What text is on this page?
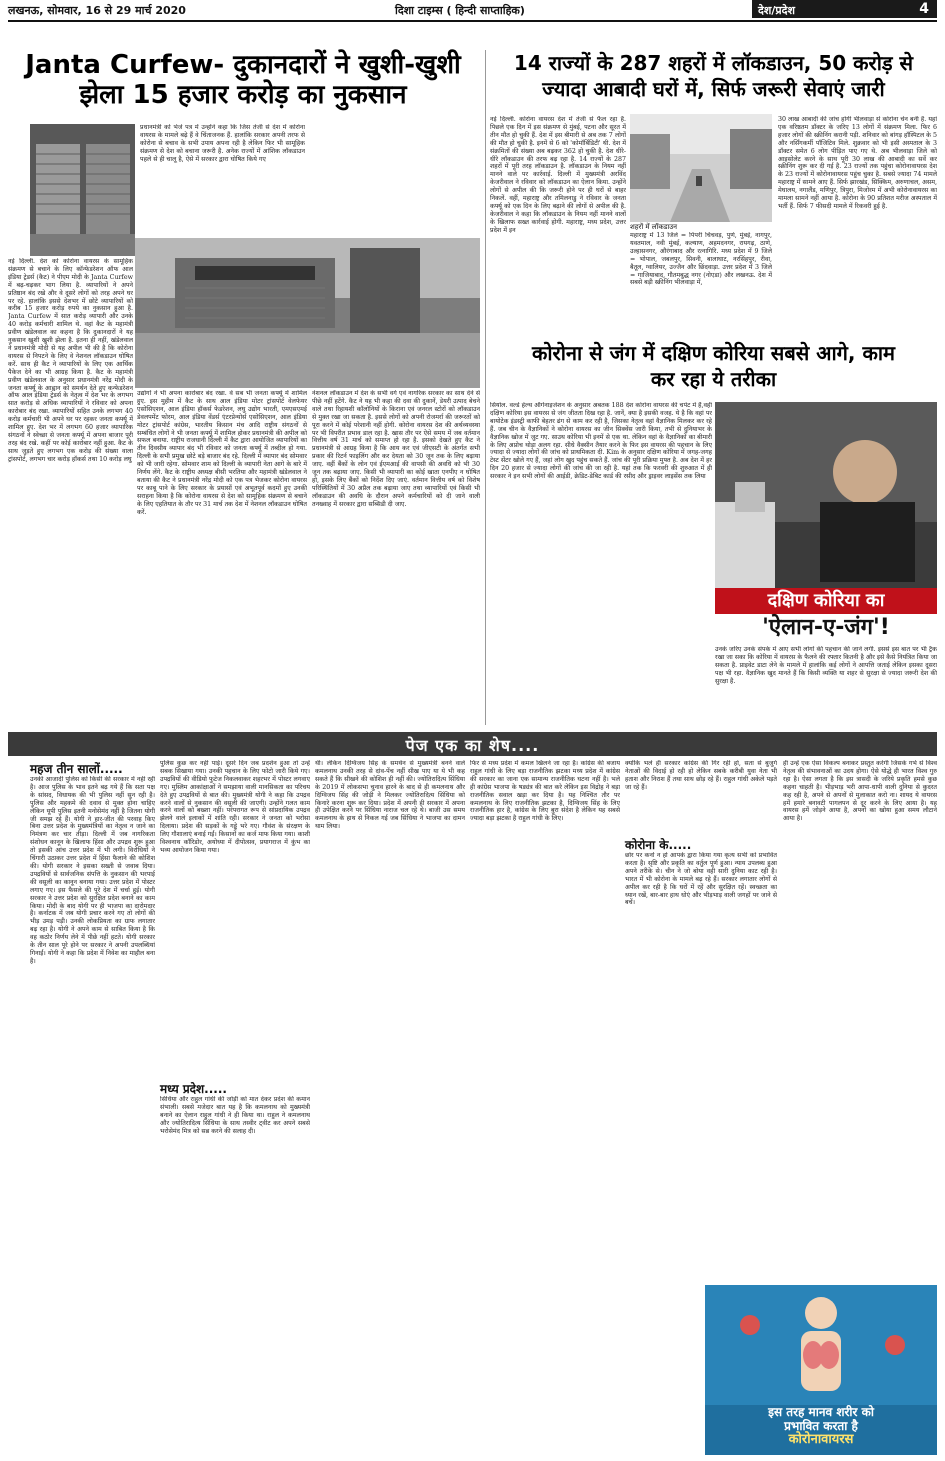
लखनऊ, सोमवार, 16 से 29 मार्च 2020	दिशा टाइम्स ( हिन्दी साप्ताहिक)	देश/प्रदेश	4
Janta Curfew- दुकानदारों ने खुशी-खुशी
झेला 15 हजार करोड़ का नुकसान
नई दिल्ली. देश को कोरोना वायरस के सामूहिक संक्रमण से बचाने के लिए कॉन्फेडरेशन ऑफ आल इंडिया ट्रेडर्स (कैट) ने पीएम मोदी के Janta Curfew में बढ़-चढ़कर भाग लिया है. व्यापारियों ने अपने प्रतिष्ठान बंद रखे और वे दूसरे लोगों को तरह अपने घर पर रहे. हालांकि इससे देशभर में छोटे व्यापारियों को करीब 15 हजार करोड़ रुपये का नुकसान हुआ है. Janta Curfew में सात करोड़ व्यापारी और उनके 40 करोड़ कर्मचारी शामिल थे. वहां कैट के महामंत्री प्रवीण खंडेलवाल का कहना है कि दुकानदारों ने यह नुकसान खुशी खुशी झेला है. इतना ही नहीं, खंडेलवाल ने प्रधानमंत्री मोदी से यह अपील भी की है कि कोरोना वायरस से निपटने के लिए वे नेशनल लॉकडाउन घोषित करें. साथ ही कैट ने व्यापारियों के लिए एक आर्थिक पैकेज देने का भी आग्रह किया है. कैट के महामंत्री प्रवीण खंडेलवाल के अनुसार प्रधानमंत्री नरेंद्र मोदी के जनता कर्फ्यू के आह्वान को समर्थन देते हुए कन्फेडरेशन ऑफ आल इंडिया ट्रेडर्स के नेतृत्व में देश भर के लगभग सात करोड़ से अधिक व्यापारियों ने रविवार को अपना कारोबार बंद रखा. व्यापारियों सहित उनके लगभग 40 करोड़ कर्मचारी भी अपने घर पर रहकर जनता कर्फ्यू में शामिल हुए. देश भर में लगभग 60 हजार व्यापारिक संगठनों ने स्वेच्छा से जनता कर्फ्यू में अपना बाजार पूरी तरह बंद रखे. कहीं पर कोई कारोबार नहीं हुआ. कैट के साथ जुड़ते हुए लगभग एक करोड़ की संख्या वाला ट्रांसपोर्ट, लगभग चार करोड़ हॉकर्स तथा 10 करोड़ लघु
प्रधानमंत्री को भेजे पत्र में उन्होंने कहा कि जिस तेजी से देश में कोरोना वायरस के मामले बढ़े हैं वे चिंताजनक हैं. हालांकि सरकार अपनी तरफ से कोरोना से बचाव के सभी उपाय अपना रही है लेकिन फिर भी सामूहिक संक्रमण से देश को बचाना जरूरी है. अनेक राज्यों में आंशिक लॉकडाउन पहले से ही चालू है, ऐसे में सरकार द्वारा घोषित किये गए
उद्योगों ने भी अपना कारोबार बंद रखा. वे सब भी जनता कर्फ्यू में शामिल हुए. इस मुहीम में कैट के साथ आल इंडिया मोटर ट्रांसपोर्ट वेलफेयर एसोसिएशन, आल इंडिया हॉकर्स फेडरेशन, लघु उद्योग भारती, एमएसएमई डेवलपमेंट फोरम, आल इंडिया वेंडर्स एंटरप्रेन्योर्स एसोसिएशन, आल इंडिया मोटर ट्रांसपोर्ट कांग्रेस, भारतीय किसान मंच आदि राष्ट्रीय संगठनों से सम्बंधित लोगों ने भी जनता कर्फ्यू में शामिल होकर प्रधानमंत्री की अपील को सफल बनाया. राष्ट्रीय राजधानी दिल्ली में कैट द्वारा आयोजित व्यापारियों का तीन दिवसीय व्यापार बंद भी रविवार को जनता कर्फ्यू में तब्दील हो गया. दिल्ली के सभी प्रमुख छोटे बड़े बाजार बंद रहे. दिल्ली में व्यापार बंद सोमवार को भी जारी रहेगा. सोमवार शाम को दिल्ली के व्यापारी नेता आगे के बारे में निर्णय लेंगे. कैट के राष्ट्रीय अध्यक्ष बीसी भरतिया और महामंत्री खंडेलवाल ने बताया की कैट ने प्रधानमंत्री नरेंद्र मोदी को एक पत्र भेजकर कोरोना वायरस पर काबू पाने के लिए सरकार के प्रयासों एवं अभूतपूर्व कदमों हुए उनकी सराहना किया है कि कोरोना वायरस से देश को सामूहिक संक्रमण से बचाने के लिए एहतियात के तौर पर 31 मार्च तक देश में नेशनल लॉकडाउन घोषित करें.
नेशनल लॉकडाउन में देश के सभी वर्ग एवं नागरिक सरकार का साथ देने से पीछे नहीं हटेंगे. कैट ने यह भी कहा की दवा की दुकानें, डेयरी उत्पाद बेचने वाले तथा रिहायशी कॉलोनियों के किराना एवं जनरल स्टोरों को लॉकडाउन से मुक्त रखा जा सकता है. इससे लोगों को अपनी रोजमर्रा की जरूरतों को पूरा करने में कोई परेशानी नहीं होगी. कोरोना वायरस देश की अर्थव्यवस्था पर भी विपरीत प्रभाव डाल रहा है. खास तौर पर ऐसे समय में जब वर्तमान वित्तीय वर्ष 31 मार्च को समाप्त हो रहा है. इसको देखते हुए कैट ने प्रधानमंत्री से आग्रह किया है कि आय कर एवं जीएसटी के अंतर्गत सभी प्रकार की रिटर्न फाइलिंग और कर देयता को 30 जून तक के लिए बढ़ाया जाए. वहीं बैंकों के लोन एवं ईएमआई की वापसी की अवधि को भी 30 जून तक बढ़ाया जाए. किसी भी व्यापारी का कोई खाता एनपीए न घोषित हो, इसके लिए बैंकों को निर्देश दिए जाएं. वर्तमान वित्तीय वर्ष को विशेष परिस्थितियों में 30 अप्रैल तक बढ़ाया जाए तथा व्यापारियों एवं किसी भी लॉकडाउन की अवधि के दौरान अपने कर्मचारियों को दी जाने वाली तनख्वाह में सरकार द्वारा सब्सिडी दी जाए.
14 राज्यों के 287 शहरों में लॉकडाउन, 50 करोड़ से
ज्यादा आबादी घरों में, सिर्फ जरूरी सेवाएं जारी
शहरों में लॉकडाउन
नई दिल्ली. कोरोना वायरस देश में तेजी से फैल रहा है. पिछले एक दिन में इस संक्रमण से मुंबई, पटना और सूरत में तीन मौत हो चुकी हैं. देश में इस बीमारी से अब तक 7 लोगों की मौत हो चुकी है. इनमें से 6 को 'कोमॉर्बिडिटी' थी. देश में संक्रमितों की संख्या अब बढ़कर 362 हो चुकी है. देश धीरे-धीरे लॉकडाउन की तरफ बढ़ रहा है. 14 राज्यों के 287 शहरों में पूरी तरह लॉकडाउन है. लॉकडाउन के नियम नहीं मानने वाले पर कार्रवाई. दिल्ली में मुख्यमंत्री अरविंद केजरीवाल ने रविवार को लॉकडाउन का ऐलान किया. उन्होंने लोगों से अपील की कि जरूरी होने पर ही घरों से बाहर निकलें. वहीं, महाराष्ट्र और तमिलनाडु ने रविवार के जनता कर्फ्यू को एक दिन के लिए बढ़ाने की लोगों से अपील की है. केजरीवाल ने कहा कि लॉकडाउन के नियम नहीं मानने वालों के खिलाफ सख्त कार्रवाई होगी. महाराष्ट्र, मध्य प्रदेश, उत्तर प्रदेश में इन
महाराष्ट्र में 13 जिले = पिंपरी चिंचवड़, पुणे, मुंबई, नागपुर, यवतमाल, नवी मुंबई, कल्याण, अहमदनगर, रायगढ़, ठाणे, उल्हासनगर, औरंगाबाद और रत्नागिरि. मध्य प्रदेश में 9 जिले = भोपाल, जबलपुर, सिवनी, बालाघाट, नरसिंहपुर, रीवा, बैतूल, ग्वालियर, उज्जैन और छिंदवाड़ा. उत्तर प्रदेश में 3 जिले = गाजियाबाद, गौतमबुद्ध नगर (नोएडा) और लखनऊ. देश में सबसे बड़ी स्क्रीनिंग भीलवाड़ा में,
30 लाख आबादी की जांच होगी भीलवाड़ा से कोरोना चेन बनी है. यहां एक वरिष्ठतम डॉक्टर के जरिए 13 लोगों में संक्रमण मिला. फिर 6 हजार लोगों की स्क्रीनिंग करानी पड़ी. शनिवार को बांगड़ हॉस्पिटल के 5 और नर्सिंगकर्मी पॉजिटिव मिले. शुक्रवार को भी इसी अस्पताल के 3 डॉक्टर समेत 6 लोग पीड़ित पाए गए थे. अब भीलवाड़ा जिले को आइसोलेट करने के साथ पूरी 30 लाख की आबादी का सर्वे कर स्क्रीनिंग शुरू कर दी गई है. 23 राज्यों तक पहुंचा कोरोनावायरस देश के 23 राज्यों में कोरोनावायरस पहुंच चुका है. सबसे ज्यादा 74 मामले महाराष्ट्र में सामने आए हैं. सिर्फ झारखंड, सिक्किम, अरुणाचल, असम, मेघालय, नगालैंड, मणिपुर, त्रिपुरा, मिजोरम में अभी कोरोनावायरस का मामला सामने नहीं आया है. कोरोना के 90 प्रतिशत मरीज अस्पताल में भर्ती हैं. सिर्फ 7 फीसदी मामले में रिकवरी हुई है.
कोरोना से जंग में दक्षिण कोरिया सबसे आगे, काम
कर रहा ये तरीका
सियोल. वर्ल्ड हेल्थ ऑर्गेनाइजेशन के अनुसार अबतक 188 देश कोरोना वायरस की चपेट में हैं,वहीं दक्षिण कोरिया इस वायरस से जंग जीतता दिख रहा है. जानें, क्या है इसकी वजह. ये है कि वहां पर बायोटेक इंडस्ट्री काफी बेहतर ढंग से काम कर रही है, जिसका नेतृत्व वहां वैज्ञानिक मिलकर कर रहे हैं. जब चीन के वैज्ञानिकों ने कोरोना वायरस का जीन सिक्वेंस जारी किया, तभी से दुनियाभर के वैज्ञानिक खोज में जुट गए. साउथ कोरिया भी इनमें से एक था. लेकिन वहां के वैज्ञानिकों का बीमारी के लिए अप्रोच थोड़ा अलग रहा. सीधे वैक्सीन तैयार करने के फिर इस वायरस की पहचान के लिए ज्यादा से ज्यादा लोगों की जांच को प्राथमिकता दी. Kim के अनुसार दक्षिण कोरिया में जगह-जगह टेस्ट सेंटर खोले गए हैं, जहां लोग खुद पहुंच सकते हैं. जांच की पूरी प्रक्रिया मुफ्त है. अब देश में हर दिन 20 हजार से ज्यादा लोगों की जांच की जा रही है. यहां तक कि फरवरी की शुरुआत में ही सरकार ने इन सभी लोगों की आईडी, क्रेडिट-डेबिट कार्ड की रसीद और ड्राइवर लाइसेंस तक लिया
दक्षिण कोरिया का
'ऐलान-ए-जंग'!
उनके जरिए उनके संपर्क में आए सभी लोगों की पहचान की जाने लगी. इससे इस बात पर भी ट्रैक रखा जा सका कि कोरिया में वायरस के फैलने की रफ्तार कितनी है और इसे कैसे नियंत्रित किया जा सकता है. प्राइवेट डाटा लेने के मामले में हालांकि कई लोगों ने आपत्ति जताई लेकिन इसका दूसरा पक्ष भी रहा. वैज्ञानिक खुद मानते हैं कि किसी व्यक्ति या शहर से सुरक्षा से ज्यादा जरूरी देश की सुरक्षा है.
पेज एक का शेष....
महज तीन सालों.....
उनकी आजादी पुलिस को किसी की सरकार में नहीं रही है। आज पुलिस के भाव इतने बढ़ गये हैं कि सता पक्ष के सांसद, विधायक की भी पुलिस नहीं सुन रही है। पुलिस और महकमे की दवाव से मुक्त होना चाहिए लेकिन यूपी पुलिस इतनी मनोसेमंद नहीं है जितना योगी जी समझ रहे हैं। योगी ने हार-जीत की परवाह किए बिना उत्तर प्रदेश के मुख्यमंत्रियों का नेतृत्व न जाने का निमंत्रण कर चार तीड़ा। दिल्ली में जब नागरिकता संशोधन कानून के खिलाफ हिंसा और उपद्रव शुरू हुआ तो इसकी आंच उत्तर प्रदेश में भी लगी। विरोधियों ने चिंगारी उठाकर उत्तर प्रदेश में हिंसा फैलाने की कोशिश की। योगी सरकार ने इसका सख्ती से जवाब दिया। उपद्रवियों से सार्वजनिक संपत्ति के नुकसान की भरपाई की वसूली का कानून बनाया गया। उत्तर प्रदेश में पोस्टर लगाए गए। इस फैसले की पूरे देश में चर्चा हुई। योगी सरकार ने उत्तर प्रदेश को सुरक्षित प्रदेश बनाने का काम किया। मोदी के बाद योगी पर ही भाजपा का दारोमदार है। कर्नाटक में जब योगी प्रचार करने गए तो लोगों की भीड़ उमड़ पड़ी। उनकी लोकप्रियता का ग्राफ लगातार बढ़ रहा है। योगी ने अपने काम से साबित किया है कि वह कठोर निर्णय लेने में पीछे नहीं हटते। योगी सरकार के तीन साल पूरे होने पर सरकार ने अपनी उपलब्धियां गिनाईं। योगी ने कहा कि प्रदेश में निवेश का माहौल बना है।
पुलिस कुछ कर नहीं पाई। दूसरे दिन जब प्रदर्शन हुआ तो उन्हें सबक सिखाया गया। उनकी पहचान के लिए फोटो जारी किये गए। उपद्रवियों की वीडियो फुटेज निकलवाकर शहरभर में पोस्टर लगवाए गए। मुस्लिम आकांक्षाओं ने समझाया वाली मानसिकता का परिचय देते हुए उपद्रवियों से बात की। मुख्यमंत्री योगी ने कहा कि उपद्रव करने वालों से नुकसान की वसूली की जाएगी। उन्होंने गलत काम करने वालों को बख्शा नहीं। परंपरागत रूप से सांप्रदायिक उपद्रव झेलने वाले इलाकों में शांति रही। सरकार ने जनता को भरोसा दिलाया। प्रदेश की सड़कों के गड्ढे भरे गए। गौवंश के संरक्षण के लिए गौशालाएं बनाई गईं। किसानों का कर्ज माफ किया गया। काशी विश्वनाथ कॉरिडोर, अयोध्या में दीपोत्सव, प्रयागराज में कुंभ का भव्य आयोजन किया गया।
मध्य प्रदेश.....
सिंधिया और राहुल गांधी की जोड़ी को मात देकर प्रदेश की कमान संभाली। सबसे मजेदार बात यह है कि कमलनाथ को मुख्यमंत्री बनाने का ऐलान राहुल गांधी ने ही किया था। राहुल ने कमलनाथ और ज्योतिरादित्य सिंधिया के साथ तस्वीर ट्वीट कर अपने सबसे भरोसेमंद मित्र को सब्र करने की सलाह दी।
थी। लेकिन दिग्विजय सिंह के समर्थन से मुख्यमंत्री बनने वाले कमलनाथ उनकी तरह से दांव-पेंच नहीं सीख पाए या ये भी कह सकते हैं कि सीखने की कोशिश ही नहीं की। ज्योतिरादित्य सिंधिया के 2019 में लोकसभा चुनाव हारने के बाद से ही कमलनाथ और दिग्विजय सिंह की जोड़ी ने मिलकर ज्योतिरादित्य सिंधिया को किनारे करना शुरू कर दिया। प्रदेश में अपनी ही सरकार में अपना ही उपेक्षित करने पर सिंधिया नाराज चल रहे थे। बाजी उस समय कमलनाथ के हाथ से निकल गई जब सिंधिया ने भाजपा का दामन थाम लिया।
फिर से मध्य प्रदेश में कमल खिलने जा रहा है। कांग्रेस की बजाय राहुल गांधी के लिए बड़ा राजनीतिक झटका मध्य प्रदेश में कांग्रेस की सरकार का जाना एक सामान्य राजनीतिक घटना नहीं है। भले ही कांग्रेस भाजपा के षड्यंत्र की बात करे लेकिन इस विद्रोह ने बड़ा राजनीतिक सवाल खड़ा कर दिया है। यह निश्चित तौर पर कमलनाथ के लिए राजनीतिक झटका है, दिग्विजय सिंह के लिए राजनीतिक हार है, कांग्रेस के लिए बुरा संदेश है लेकिन यह सबसे ज्यादा बड़ा झटका है राहुल गांधी के लिए।
क्योंकि भले ही सरकार कांग्रेस की गिर रही हो, सता से बुजुर्ग नेताओं की विदाई हो रही हो लेकिन सबके करीबी युवा नेता भी हताश और निराश हैं तथा साथ छोड़ रहे हैं। राहुल गांधी अकेले पड़ते जा रहे हैं।
कोरोना के.....
छोर पर कर्नो न हो आपके द्वारा किया गया कृत्य सभी को प्रभावित करता है। सृष्टि और प्रकृति का वर्तुल पूर्ण हुआ। न्याय उपलब्ध हुआ अपने तरीके से। चीन ने जो बोया वही सारी दुनिया काट रही है। भारत में भी कोरोना के मामले बढ़ रहे हैं। सरकार लगातार लोगों से अपील कर रही है कि घरों में रहें और सुरक्षित रहें। स्वच्छता का ध्यान रखें, बार-बार हाथ धोएं और भीड़भाड़ वाली जगहों पर जाने से बचें।
ही उन्हें एक ऐसा विकल्प बनाकर प्रस्तुत करेगी जिसके गर्भ से विश्व नेतृत्व की संभावनाओं का उदय होगा। ऐसे योद्धे ही भारत विश्व गुरु रहा है। ऐसा लगता है कि इस त्रासदी के जरिये प्रकृति हमसे कुछ कहना चाहती है। भीड़भाड़ भरी आपा-धापी वाली दुनिया से कुदरत कह रही है, अपने से अपनों से मुलाकात करो ना। शायद ये वायरस हमें हमारे बनावटी पागलपन से दूर करने के लिए आया है। यह वायरस हमें जोड़ने आया है, अपनों का खोया हुआ समय लौटाने आया है।
इस तरह मानव शरीर को
प्रभावित करता है
कोरोनावायरस
